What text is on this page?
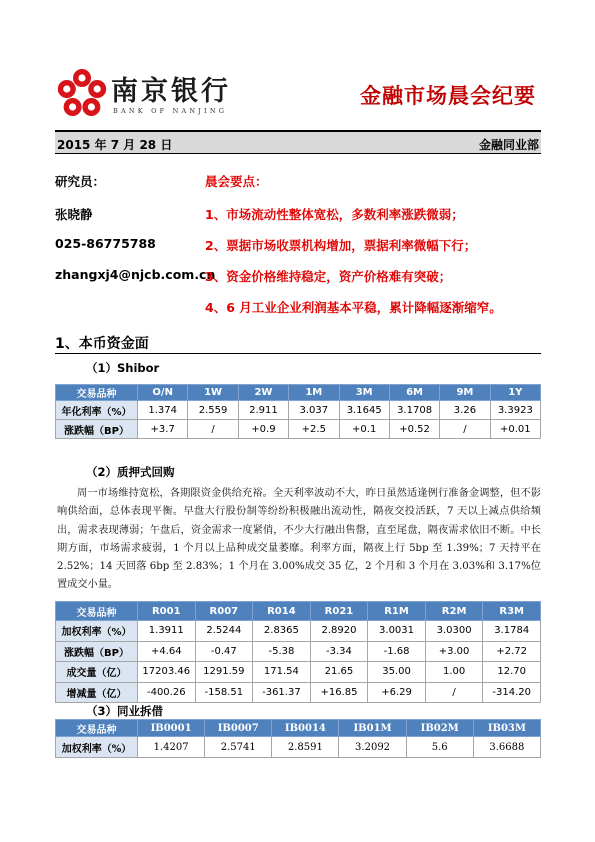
南京银行
BANK OF NANJING
金融市场晨会纪要
2015 年 7 月 28 日	金融同业部
研究员：
张晓静
025-86775788
zhangxj4@njcb.com.cn
晨会要点：
1、市场流动性整体宽松，多数利率涨跌微弱；
2、票据市场收票机构增加，票据利率微幅下行；
3、资金价格维持稳定，资产价格难有突破；
4、6 月工业企业利润基本平稳，累计降幅逐渐缩窄。
1、本币资金面
（1）Shibor
交易品种	O/N	1W	2W	1M	3M	6M	9M	1Y
年化利率（%）	1.374	2.559	2.911	3.037	3.1645	3.1708	3.26	3.3923
涨跌幅（BP）	+3.7	/	+0.9	+2.5	+0.1	+0.52	/	+0.01
（2）质押式回购
周一市场维持宽松，各期限资金供给充裕。全天利率波动不大，昨日虽然适逢例行准备金调整，但不影响供给面，总体表现平衡。早盘大行股份制等纷纷积极融出流动性，隔夜交投活跃，7 天以上减点供给频出，需求表现薄弱；午盘后，资金需求一度紧俏，不少大行融出售罄，直至尾盘，隔夜需求依旧不断。中长期方面，市场需求疲弱，1 个月以上品种成交量萎靡。利率方面，隔夜上行 5bp 至 1.39%；7 天持平在 2.52%；14 天回落 6bp 至 2.83%；1 个月在 3.00%成交 35 亿，2 个月和 3 个月在 3.03%和 3.17%位置成交小量。
交易品种	R001	R007	R014	R021	R1M	R2M	R3M
加权利率（%）	1.3911	2.5244	2.8365	2.8920	3.0031	3.0300	3.1784
涨跌幅（BP）	+4.64	-0.47	-5.38	-3.34	-1.68	+3.00	+2.72
成交量（亿）	17203.46	1291.59	171.54	21.65	35.00	1.00	12.70
增减量（亿）	-400.26	-158.51	-361.37	+16.85	+6.29	/	-314.20
（3）同业拆借
交易品种	IB0001	IB0007	IB0014	IB01M	IB02M	IB03M
加权利率（%）	1.4207	2.5741	2.8591	3.2092	5.6	3.6688
